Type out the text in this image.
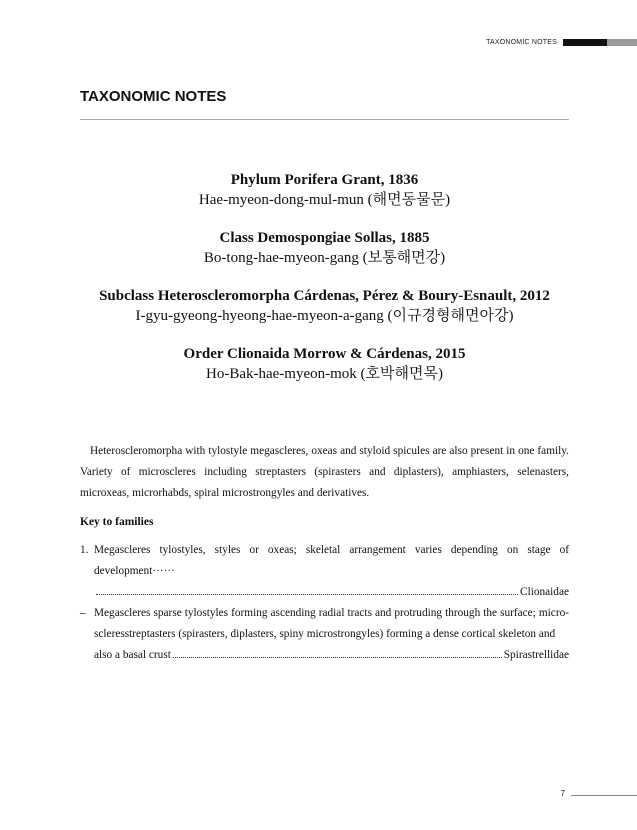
TAXONOMIC NOTES
TAXONOMIC NOTES
Phylum Porifera Grant, 1836
Hae-myeon-dong-mul-mun (해면동물문)
Class Demospongiae Sollas, 1885
Bo-tong-hae-myeon-gang (보통해면강)
Subclass Heteroscleromorpha Cárdenas, Pérez & Boury-Esnault, 2012
I-gyu-gyeong-hyeong-hae-myeon-a-gang (이규경형해면아강)
Order Clionaida Morrow & Cárdenas, 2015
Ho-Bak-hae-myeon-mok (호박해면목)

Heteroscleromorpha with tylostyle megascleres, oxeas and styloid spicules are also present in one family. Variety of microscleres including streptasters (spirasters and diplasters), amphiasters, selenasters, microxeas, microrhabds, spiral microstrongyles and derivatives.

Key to families
1. Megascleres tylostyles, styles or oxeas; skeletal arrangement varies depending on stage of development······
Clionaidae
– Megascleres sparse tylostyles forming ascending radial tracts and protruding through the surface; micro-scleresstreptasters (spirasters, diplasters, spiny microstrongyles) forming a dense cortical skeleton and
also a basal crust	Spirastrellidae
7
